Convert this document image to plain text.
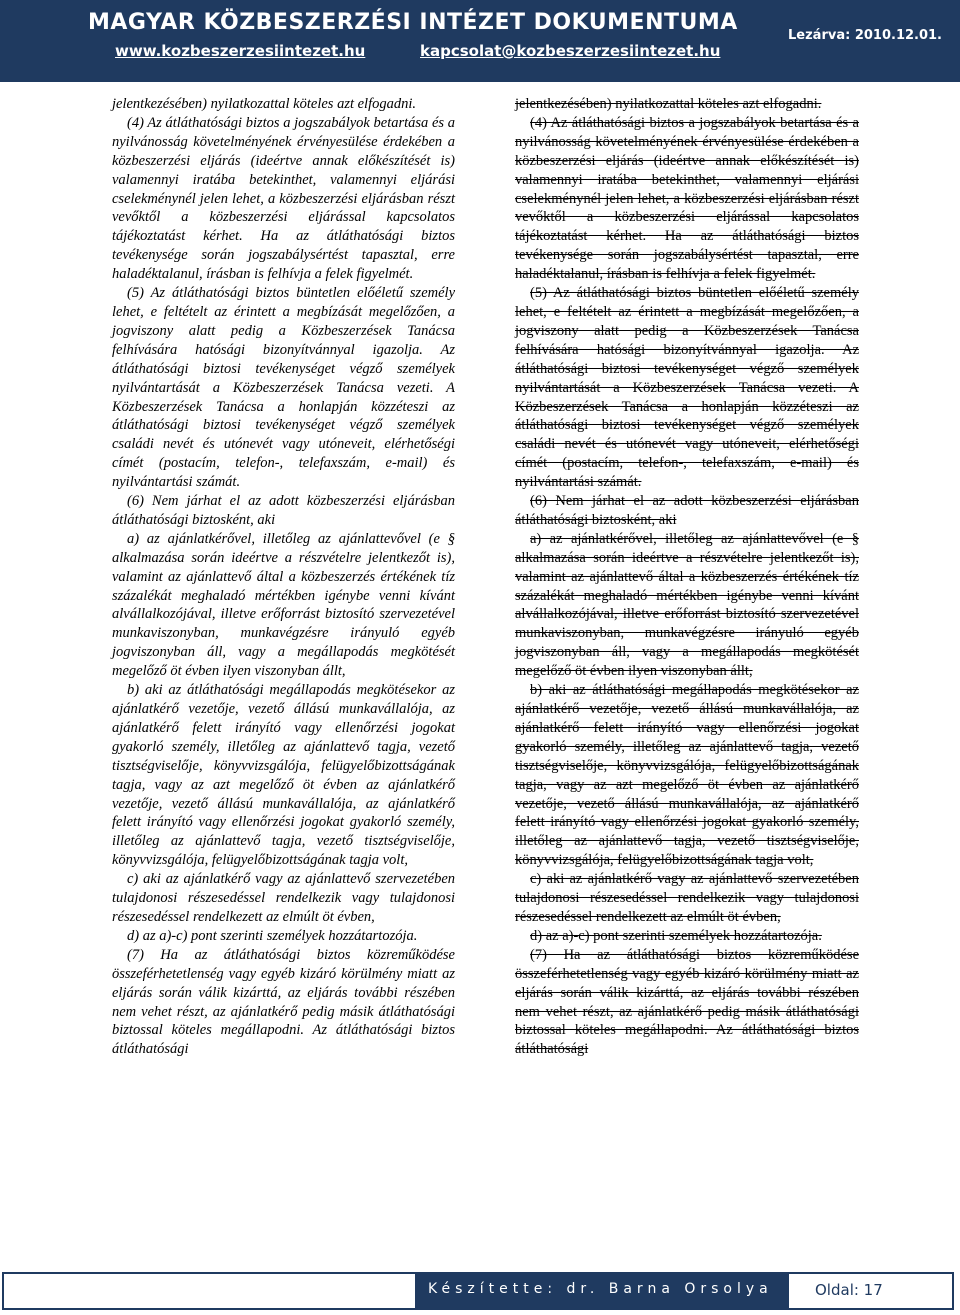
MAGYAR KÖZBESZERZÉSI INTÉZET DOKUMENTUMA
www.kozbeszerzesiintezet.hu	kapcsolat@kozbeszerzesiintezet.hu
Lezárva: 2010.12.01.

jelentkezésében) nyilatkozattal köteles azt elfogadni.

(4) Az átláthatósági biztos a jogszabályok betartása és a nyilvánosság követelményének érvényesülése érdekében a közbeszerzési eljárás (ideértve annak előkészítését is) valamennyi iratába betekinthet, valamennyi eljárási cselekménynél jelen lehet, a közbeszerzési eljárásban részt vevőktől a közbeszerzési eljárással kapcsolatos tájékoztatást kérhet. Ha az átláthatósági biztos tevékenysége során jogszabálysértést tapasztal, erre haladéktalanul, írásban is felhívja a felek figyelmét.

(5) Az átláthatósági biztos büntetlen előéletű személy lehet, e feltételt az érintett a megbízását megelőzően, a jogviszony alatt pedig a Közbeszerzések Tanácsa felhívására hatósági bizonyítvánnyal igazolja. Az átláthatósági biztosi tevékenységet végző személyek nyilvántartását a Közbeszerzések Tanácsa vezeti. A Közbeszerzések Tanácsa a honlapján közzéteszi az átláthatósági biztosi tevékenységet végző személyek családi nevét és utónevét vagy utóneveit, elérhetőségi címét (postacím, telefon-, telefaxszám, e-mail) és nyilvántartási számát.

(6) Nem járhat el az adott közbeszerzési eljárásban átláthatósági biztosként, aki

a) az ajánlatkérővel, illetőleg az ajánlattevővel (e § alkalmazása során ideértve a részvételre jelentkezőt is), valamint az ajánlattevő által a közbeszerzés értékének tíz százalékát meghaladó mértékben igénybe venni kívánt alvállalkozójával, illetve erőforrást biztosító szervezetével munkaviszonyban, munkavégzésre irányuló egyéb jogviszonyban áll, vagy a megállapodás megkötését megelőző öt évben ilyen viszonyban állt,

b) aki az átláthatósági megállapodás megkötésekor az ajánlatkérő vezetője, vezető állású munkavállalója, az ajánlatkérő felett irányító vagy ellenőrzési jogokat gyakorló személy, illetőleg az ajánlattevő tagja, vezető tisztségviselője, könyvvizsgálója, felügyelőbizottságának tagja, vagy az azt megelőző öt évben az ajánlatkérő vezetője, vezető állású munkavállalója, az ajánlatkérő felett irányító vagy ellenőrzési jogokat gyakorló személy, illetőleg az ajánlattevő tagja, vezető tisztségviselője, könyvvizsgálója, felügyelőbizottságának tagja volt,

c) aki az ajánlatkérő vagy az ajánlattevő szervezetében tulajdonosi részesedéssel rendelkezik vagy tulajdonosi részesedéssel rendelkezett az elmúlt öt évben,

d) az a)-c) pont szerinti személyek hozzátartozója.

(7) Ha az átláthatósági biztos közreműködése összeférhetetlenség vagy egyéb kizáró körülmény miatt az eljárás során válik kizárttá, az eljárás további részében nem vehet részt, az ajánlatkérő pedig másik átláthatósági biztossal köteles megállapodni. Az átláthatósági biztos átláthatósági

jelentkezésében) nyilatkozattal köteles azt elfogadni.

(4) Az átláthatósági biztos a jogszabályok betartása és a nyilvánosság követelményének érvényesülése érdekében a közbeszerzési eljárás (ideértve annak előkészítését is) valamennyi iratába betekinthet, valamennyi eljárási cselekménynél jelen lehet, a közbeszerzési eljárásban részt vevőktől a közbeszerzési eljárással kapcsolatos tájékoztatást kérhet. Ha az átláthatósági biztos tevékenysége során jogszabálysértést tapasztal, erre haladéktalanul, írásban is felhívja a felek figyelmét.

(5) Az átláthatósági biztos büntetlen előéletű személy lehet, e feltételt az érintett a megbízását megelőzően, a jogviszony alatt pedig a Közbeszerzések Tanácsa felhívására hatósági bizonyítvánnyal igazolja. Az átláthatósági biztosi tevékenységet végző személyek nyilvántartását a Közbeszerzések Tanácsa vezeti. A Közbeszerzések Tanácsa a honlapján közzéteszi az átláthatósági biztosi tevékenységet végző személyek családi nevét és utónevét vagy utóneveit, elérhetőségi címét (postacím, telefon-, telefaxszám, e-mail) és nyilvántartási számát.

(6) Nem járhat el az adott közbeszerzési eljárásban átláthatósági biztosként, aki

a) az ajánlatkérővel, illetőleg az ajánlattevővel (e § alkalmazása során ideértve a részvételre jelentkezőt is), valamint az ajánlattevő által a közbeszerzés értékének tíz százalékát meghaladó mértékben igénybe venni kívánt alvállalkozójával, illetve erőforrást biztosító szervezetével munkaviszonyban, munkavégzésre irányuló egyéb jogviszonyban áll, vagy a megállapodás megkötését megelőző öt évben ilyen viszonyban állt,

b) aki az átláthatósági megállapodás megkötésekor az ajánlatkérő vezetője, vezető állású munkavállalója, az ajánlatkérő felett irányító vagy ellenőrzési jogokat gyakorló személy, illetőleg az ajánlattevő tagja, vezető tisztségviselője, könyvvizsgálója, felügyelőbizottságának tagja, vagy az azt megelőző öt évben az ajánlatkérő vezetője, vezető állású munkavállalója, az ajánlatkérő felett irányító vagy ellenőrzési jogokat gyakorló személy, illetőleg az ajánlattevő tagja, vezető tisztségviselője, könyvvizsgálója, felügyelőbizottságának tagja volt,

c) aki az ajánlatkérő vagy az ajánlattevő szervezetében tulajdonosi részesedéssel rendelkezik vagy tulajdonosi részesedéssel rendelkezett az elmúlt öt évben,

d) az a)-c) pont szerinti személyek hozzátartozója.

(7) Ha az átláthatósági biztos közreműködése összeférhetetlenség vagy egyéb kizáró körülmény miatt az eljárás során válik kizárttá, az eljárás további részében nem vehet részt, az ajánlatkérő pedig másik átláthatósági biztossal köteles megállapodni. Az átláthatósági biztos átláthatósági

Készítette: dr. Barna Orsolya	Oldal: 17
